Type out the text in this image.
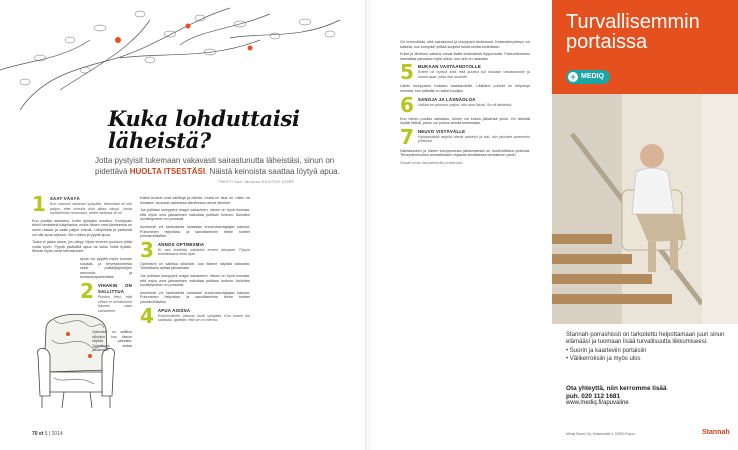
Kuka lohduttaisi
läheistä?
Jotta pystyisit tukemaan vakavasti sairastunutta läheistäsi, sinun on pidettävä HUOLTA ITSESTÄSI. Näistä keinoista saattaa löytyä apua.
TEKSTI Sari Järvinen KUVITUS 123RF
1 SAAT VÄSYÄ
Kun vaimoni sairastui syöpään, tekemistä oli niin paljon, ettei minulla ollut aikaa väsyä. Vasta myöhemmin huomasin, miten rankkaa se oli.

Kun puoliso sairastuu, kodin työnjako muuttuu. Kumppani toimii henkisenä tukipilarina, mutta hänen oma tilanteensa on usein raskas ja vaatii paljon voimia. Lähipiiristä ja ystävistä voi olla apua arjessa. Ole rohkea ja pyydä apua.

Toista ei jaksa tukea, jos väsyy. Myös terveen puolison pitää voida hyvin. Pyydä ystävältä apua tai kutsu heitä kylään. Muista myös omat harrastukset.

Apua voi pyytää myös kunnan sosiaali- ja terveystoimesta sekä potilasjärjestöjen neuvonta- ja kuntoutuspalveluista.

2 VIHAKIN ON SALLITTUA
Puoliso tiesi, että vihani ei kohdistunut häneen vaan sairauteen.

Optimismi on sallittua silloinkin, kun tilanne näyttää vaikealta. Toiveikkuus auttaa jaksamaan.

Kaikki tunteet ovat sallittuja ja oikeita, mutta eri asia on, miten ne ilmaisee, arvioivat vaikeassa tilanteessa olevat läheiset.

Jos potilaan kumppani reagoi sairauteen, hänen on hyvä muistaa, että myös oma jaksaminen vaikuttaa potilaan hoitoon. Asioiden hyväksyminen on prosessi.

Avoimesti voi keskustella sairaalan kuntoutusohjaajan kanssa. Puhuminen helpottaa, ja sanoittaminen tekee tunteet ymmärrettäviksi.

3 ANNOS OPTIMISMIA
Ei saa kuvitella sairautta ennen aikojaan. Pysyin toiveikkaana koko ajan.

Optimismi on sallittua silloinkin, kun tilanne näyttää vaikealta. Toiveikkuus auttaa jaksamaan.

Jos potilaan kumppani reagoi sairauteen, hänen on hyvä muistaa, että myös oma jaksaminen vaikuttaa potilaan hoitoon. Asioiden hyväksyminen on prosessi.

Avoimesti voi keskustella sairaalan kuntoutusohjaajan kanssa. Puhuminen helpottaa, ja sanoittaminen tekee tunteet ymmärrettäviksi.

4 APUA AOISSA
Ensimmäinen vaimoni kuoli syöpään. Kun toinen kin sairastui, ajattelin, että se on menoa.
70 et 5 | 2014

On luonnollista, että sairastunut ja kumppani ahdistuvat. Keskusteluyhteys voi katketa, kun kumpikin yrittää suojella toista omilta tunteiltaan.

Kriisit ja läheisen sairaus voivat lisätä keskinäistä riippuvuutta. Parisuhteeseen kannattaa panostaa myös silloin, kun arki on raskasta.

5 MUKAAN VASTAANOTOLLE
Eniten oli hyötyä siitä, että puoliso tuli mukaan vastaanotolle ja muisti asiat, jotka itse unohdin.

Lähde kumppanin mukaan vastaanotolle. Lääkärin puheet on helpompi muistaa, kun paikalla on kaksi kuulijaa.

6 SANOJA JA LÄSNÄOLOA
Vaikka en puhunut paljon, olin aina läsnä. Se oli tärkeintä.

Kun toinen puoliso sairastuu, toinen voi kokea jäävänsä yksin. On tärkeää löytää hetkiä, jolloin voi puhua omista tunteistaan.

7 NEUVO VISTÄVÄLLE
Hyödyntäkää tarjolla olevat palvelut ja tuki, niin jaksatte paremmin yhdessä.

Sairastuneen ja hänen kumppaninsa jaksamisesta on huolehdittava yhdessä. Terveydenhuollon ammattilaiset ohjaavat tarvittaessa vertaistuen pariin.

Sitaatit koottu haastateltavilta ja tarinoista.
Turvallisemmin
portaissa
+ MEDIQ
Stannah-porrashissit on tarkoitettu helpottamaan juuri sinun elämääsi ja tuomaan lisää turvallisuutta liikkumiseesi.
• Suorin ja kaarteviin portaisiin
• Välikerroksiin ja myös ulos
Ota yhteyttä, niin kerromme lisää
puh. 020 112 1681
www.mediq.fi/apuvaline
Mediq Suomi Oy, Koskelontie 4, 02920 Espoo	Stannah
